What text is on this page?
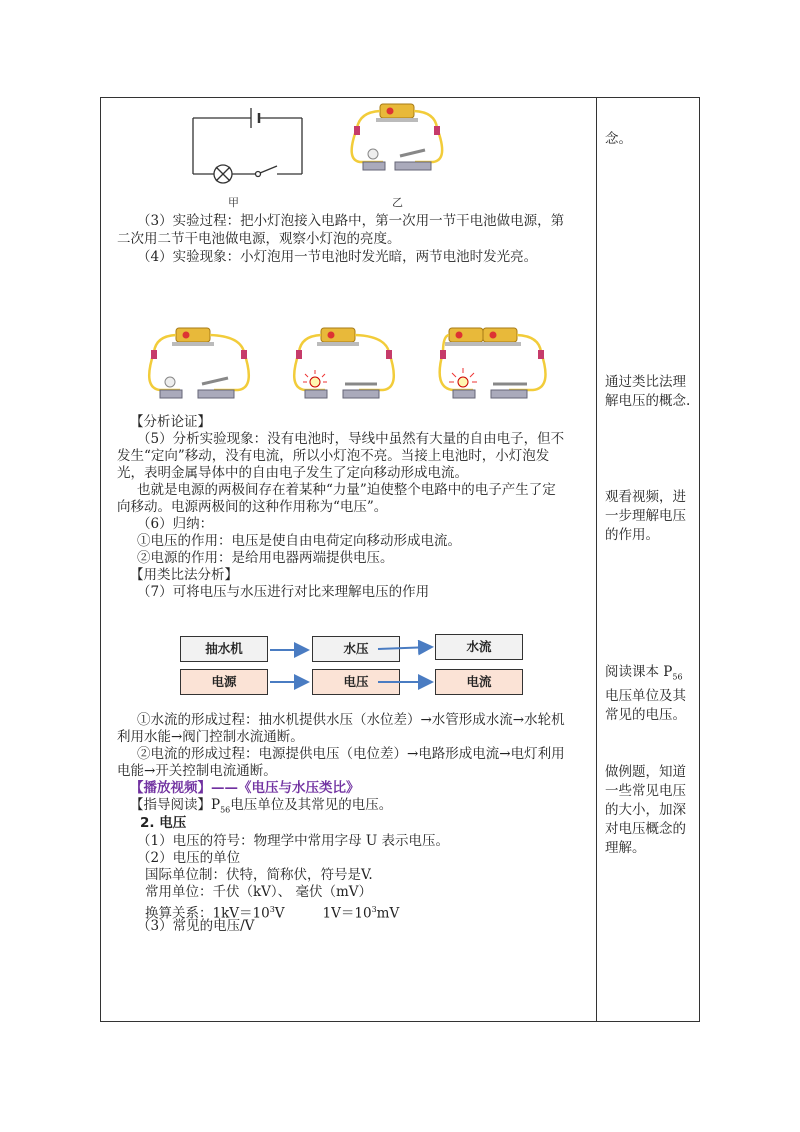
甲	乙
（3）实验过程：把小灯泡接入电路中，第一次用一节干电池做电源，第
二次用二节干电池做电源，观察小灯泡的亮度。
（4）实验现象：小灯泡用一节电池时发光暗，两节电池时发光亮。
【分析论证】
（5）分析实验现象：没有电池时，导线中虽然有大量的自由电子，但不
发生“定向”移动，没有电流，所以小灯泡不亮。当接上电池时，小灯泡发
光，表明金属导体中的自由电子发生了定向移动形成电流。
也就是电源的两极间存在着某种“力量”迫使整个电路中的电子产生了定
向移动。电源两极间的这种作用称为“电压”。
（6）归纳：
①电压的作用：电压是使自由电荷定向移动形成电流。
②电源的作用：是给用电器两端提供电压。
【用类比法分析】
（7）可将电压与水压进行对比来理解电压的作用
抽水机	水压	水流
电源	电压	电流
①水流的形成过程：抽水机提供水压（水位差）→水管形成水流→水轮机
利用水能→阀门控制水流通断。
②电流的形成过程：电源提供电压（电位差）→电路形成电流→电灯利用
电能→开关控制电流通断。
【播放视频】——《电压与水压类比》
【指导阅读】$P_{56}$电压单位及其常见的电压。
2. 电压
（1）电压的符号：物理学中常用字母 U 表示电压。
（2）电压的单位
国际单位制：伏特，简称伏，符号是V.
常用单位：千伏（kV）、 毫伏（mV）
换算关系：$1kV=10^3V$	$1V=10^3mV$
（3）常见的电压/V
念。
通过类比法理解电压的概念.
观看视频，进一步理解电压的作用。
阅读课本 $P_{56}$电压单位及其常见的电压。
做例题，知道一些常见电压的大小，加深对电压概念的理解。
